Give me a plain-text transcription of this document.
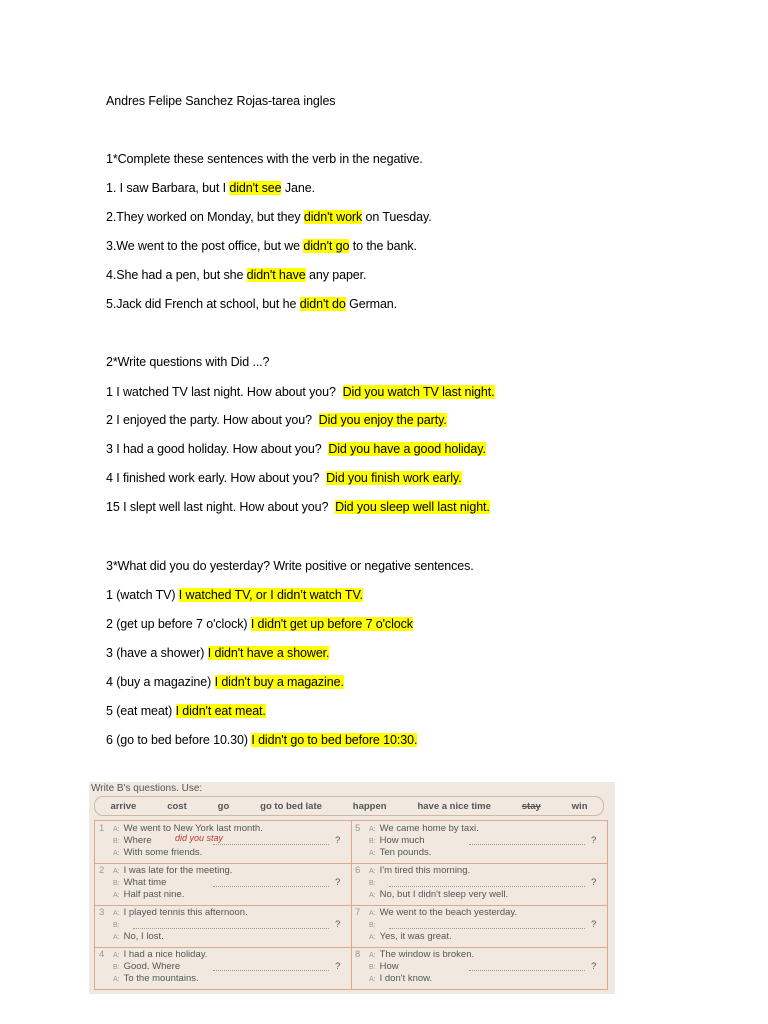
Andres Felipe Sanchez Rojas-tarea ingles
1*Complete these sentences with the verb in the negative.
1. I saw Barbara, but I didn't see Jane.
2.They worked on Monday, but they didn't work on Tuesday.
3.We went to the post office, but we didn't go to the bank.
4.She had a pen, but she didn't have any paper.
5.Jack did French at school, but he didn't do German.
2*Write questions with Did ...?
1 I watched TV last night. How about you?  Did you watch TV last night.
2 I enjoyed the party. How about you?  Did you enjoy the party.
3 I had a good holiday. How about you?  Did you have a good holiday.
4 I finished work early. How about you?  Did you finish work early.
15 I slept well last night. How about you?  Did you sleep well last night.
3*What did you do yesterday? Write positive or negative sentences.
1 (watch TV) I watched TV, or I didn’t watch TV.
2 (get up before 7 o'clock) I didn't get up before 7 o'clock
3 (have a shower) I didn't have a shower.
4 (buy a magazine) I didn't buy a magazine.
5 (eat meat) I didn't eat meat.
6 (go to bed before 10.30) I didn't go to bed before 10:30.
Write B's questions. Use:
arrive	cost	go	go to bed late	happen	have a nice time	stay	win
1 A: We went to New York last month.
B: Where	did you stay	?
A: With some friends.
2 A: I was late for the meeting.
B: What time	?
A: Half past nine.
3 A: I played tennis this afternoon.
B:	?
A: No, I lost.
4 A: I had a nice holiday.
B: Good. Where	?
A: To the mountains.
5 A: We came home by taxi.
B: How much	?
A: Ten pounds.
6 A: I'm tired this morning.
B:	?
A: No, but I didn't sleep very well.
7 A: We went to the beach yesterday.
B:	?
A: Yes, it was great.
8 A: The window is broken.
B: How	?
A: I don't know.
